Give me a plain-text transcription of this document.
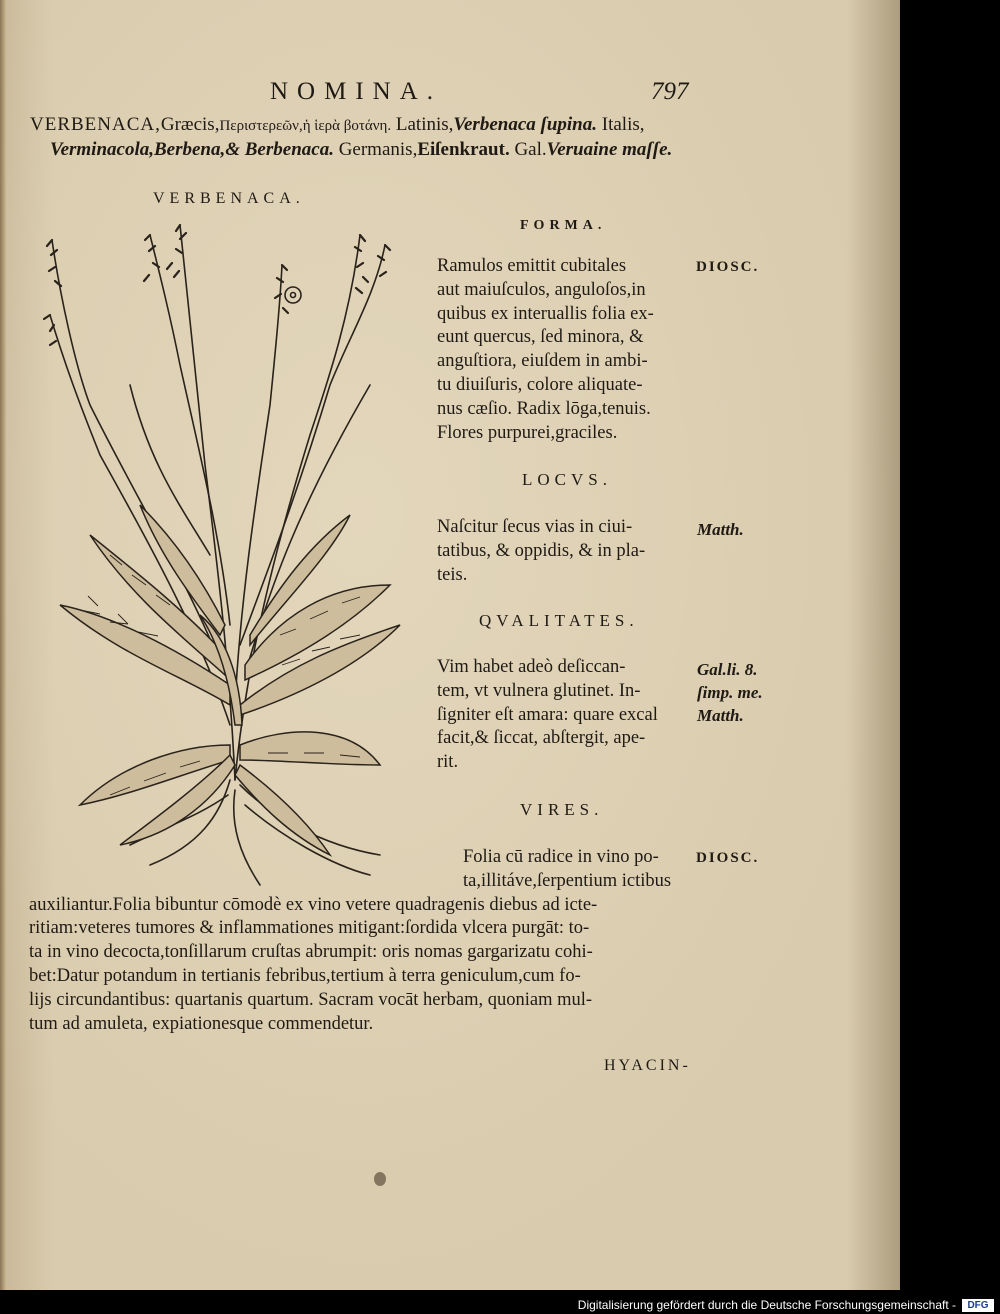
NOMINA.	797
VERBENACA,Græcis,Περιστερεῶν,ἡ ἱερὰ βοτάνη. Latinis,Verbenaca ſupina. Italis,
Verminacola,Berbena,& Berbenaca. Germanis,Eiſenkraut. Gal.Veruaine maſſe.
VERBENACA.
FORMA.
Ramulos emittit cubitales
aut maiuſculos, anguloſos,in
quibus ex interuallis folia ex-
eunt quercus, ſed minora, &
anguſtiora, eiuſdem in ambi-
tu diuiſuris, colore aliquate-
nus cæſio. Radix lōga,tenuis.
Flores purpurei,graciles.
DIOSC.
LOCVS.
Naſcitur ſecus vias in ciui-
tatibus, & oppidis, & in pla-
teis.
Matth.
QVALITATES.
Vim habet adeò deſiccan-
tem, vt vulnera glutinet. In-
ſigniter eſt amara: quare excal
facit,& ſiccat, abſtergit, ape-
rit.
Gal.li. 8.
ſimp. me.
Matth.
VIRES.
Folia cū radice in vino po-
ta,illitáve,ſerpentium ictibus
auxiliantur.Folia bibuntur cōmodè ex vino vetere quadragenis diebus ad icte-
ritiam:veteres tumores & inflammationes mitigant:ſordida vlcera purgāt: to-
ta in vino decocta,tonſillarum cruſtas abrumpit: oris nomas gargarizatu cohi-
bet:Datur potandum in tertianis febribus,tertium à terra geniculum,cum fo-
lijs circundantibus: quartanis quartum. Sacram vocāt herbam, quoniam mul-
tum ad amuleta, expiationesque commendetur.
DIOSC.
HYACIN-
Digitalisierung gefördert durch die Deutsche Forschungsgemeinschaft -	DFG
